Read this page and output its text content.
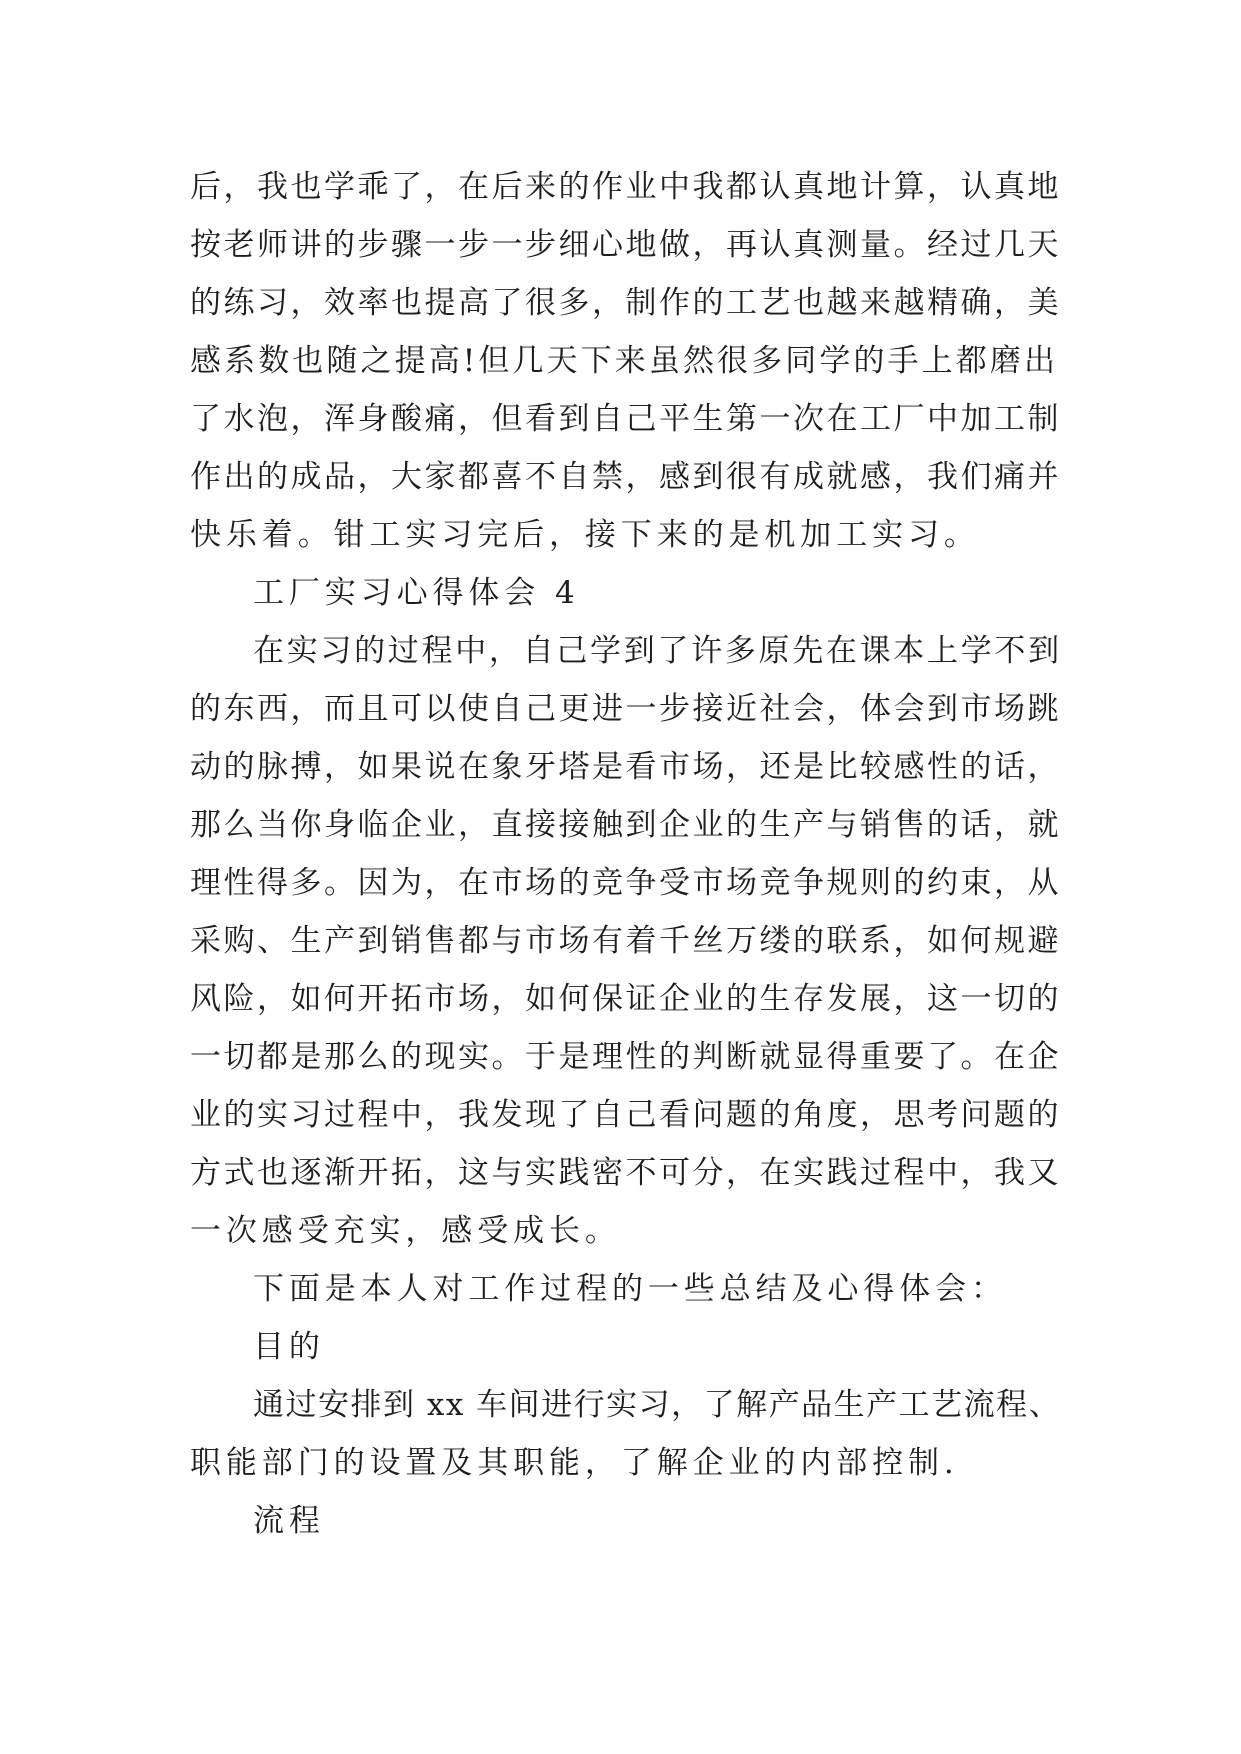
后，我也学乖了，在后来的作业中我都认真地计算，认真地
按老师讲的步骤一步一步细心地做，再认真测量。经过几天
的练习，效率也提高了很多，制作的工艺也越来越精确，美
感系数也随之提高!但几天下来虽然很多同学的手上都磨出
了水泡，浑身酸痛，但看到自己平生第一次在工厂中加工制
作出的成品，大家都喜不自禁，感到很有成就感，我们痛并
快乐着。钳工实习完后，接下来的是机加工实习。
工厂实习心得体会 4
在实习的过程中，自己学到了许多原先在课本上学不到
的东西，而且可以使自己更进一步接近社会，体会到市场跳
动的脉搏，如果说在象牙塔是看市场，还是比较感性的话，
那么当你身临企业，直接接触到企业的生产与销售的话，就
理性得多。因为，在市场的竞争受市场竞争规则的约束，从
采购、生产到销售都与市场有着千丝万缕的联系，如何规避
风险，如何开拓市场，如何保证企业的生存发展，这一切的
一切都是那么的现实。于是理性的判断就显得重要了。在企
业的实习过程中，我发现了自己看问题的角度，思考问题的
方式也逐渐开拓，这与实践密不可分，在实践过程中，我又
一次感受充实，感受成长。
下面是本人对工作过程的一些总结及心得体会：
目的
通过安排到 xx 车间进行实习，了解产品生产工艺流程、
职能部门的设置及其职能，了解企业的内部控制.
流程
